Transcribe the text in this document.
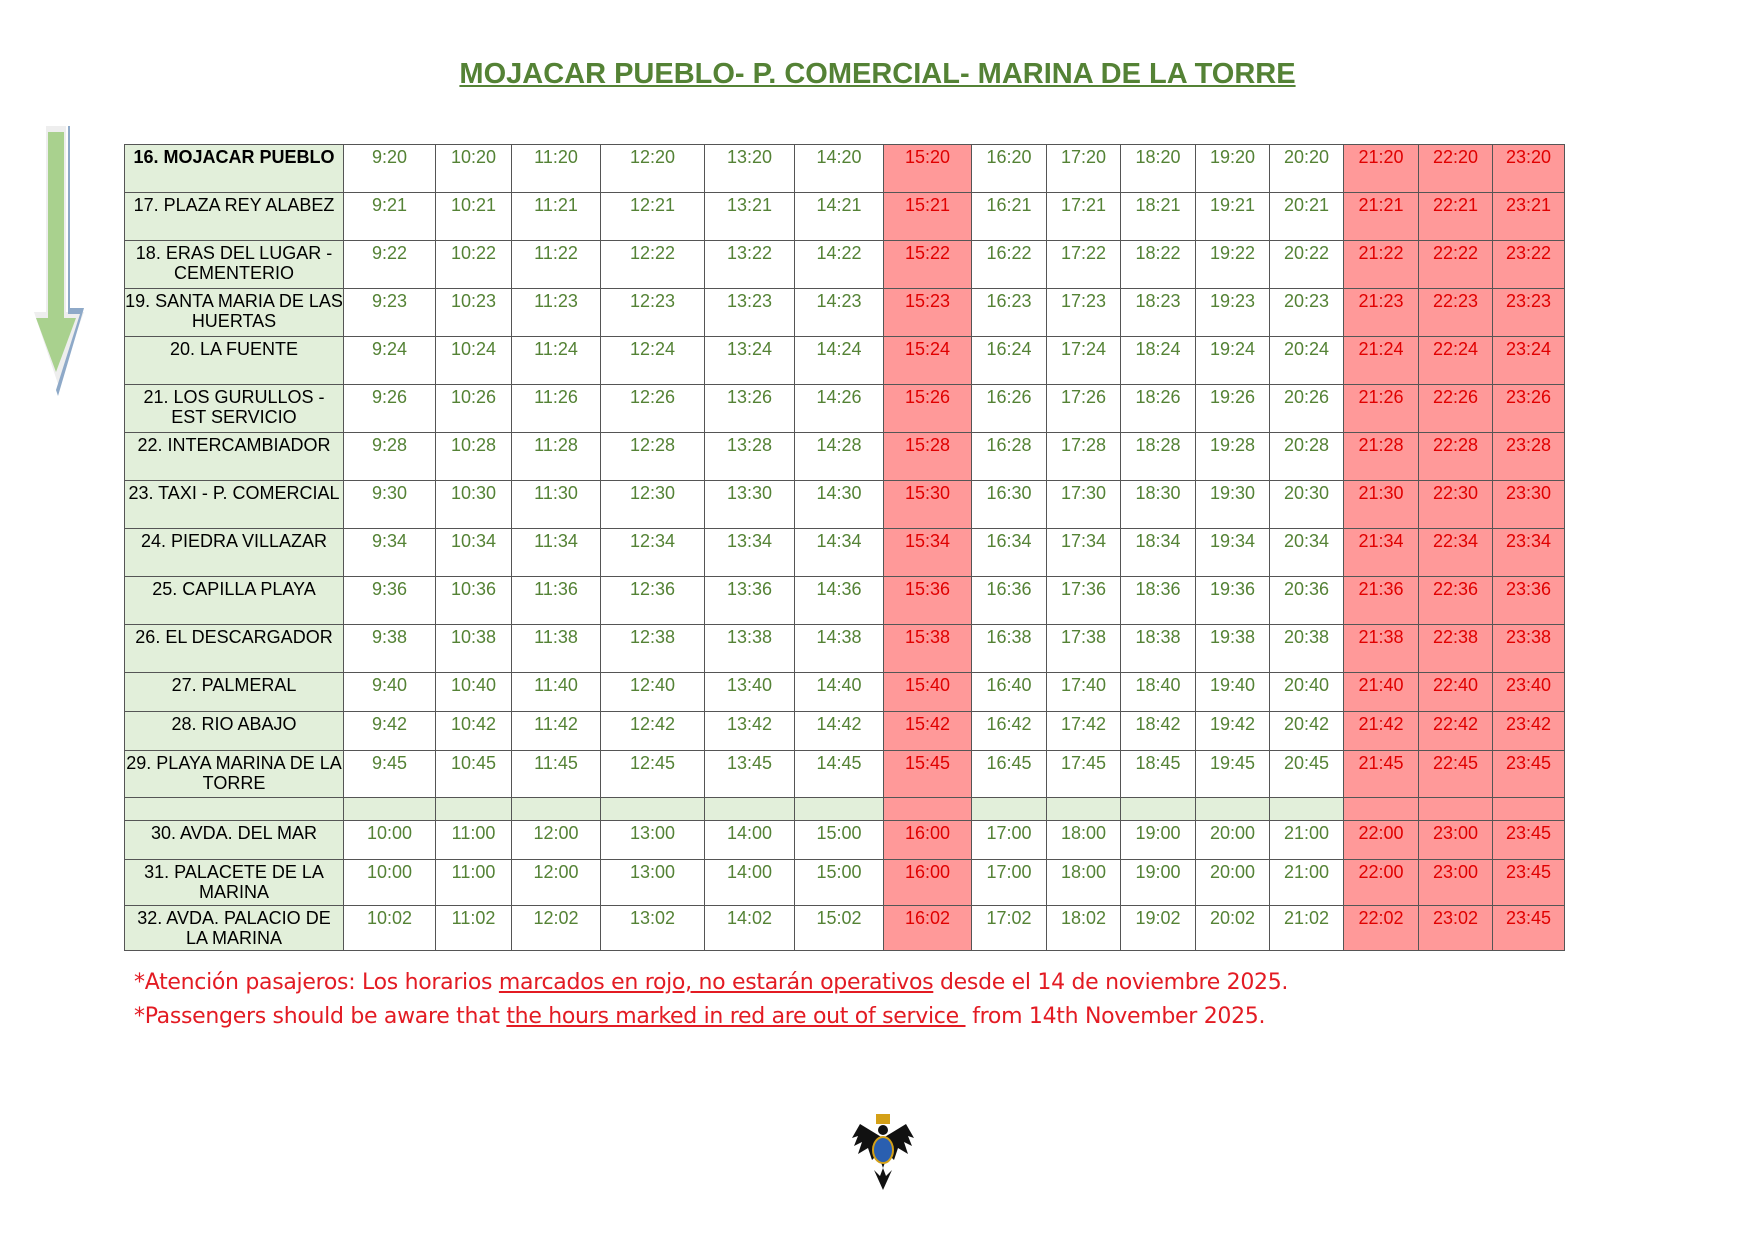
MOJACAR PUEBLO- P. COMERCIAL- MARINA DE LA TORRE
16. MOJACAR PUEBLO	9:20	10:20	11:20	12:20	13:20	14:20	15:20	16:20	17:20	18:20	19:20	20:20	21:20	22:20	23:20
17. PLAZA REY ALABEZ	9:21	10:21	11:21	12:21	13:21	14:21	15:21	16:21	17:21	18:21	19:21	20:21	21:21	22:21	23:21
18. ERAS DEL LUGAR - CEMENTERIO	9:22	10:22	11:22	12:22	13:22	14:22	15:22	16:22	17:22	18:22	19:22	20:22	21:22	22:22	23:22
19. SANTA MARIA DE LAS HUERTAS	9:23	10:23	11:23	12:23	13:23	14:23	15:23	16:23	17:23	18:23	19:23	20:23	21:23	22:23	23:23
20. LA FUENTE	9:24	10:24	11:24	12:24	13:24	14:24	15:24	16:24	17:24	18:24	19:24	20:24	21:24	22:24	23:24
21. LOS GURULLOS - EST SERVICIO	9:26	10:26	11:26	12:26	13:26	14:26	15:26	16:26	17:26	18:26	19:26	20:26	21:26	22:26	23:26
22. INTERCAMBIADOR	9:28	10:28	11:28	12:28	13:28	14:28	15:28	16:28	17:28	18:28	19:28	20:28	21:28	22:28	23:28
23. TAXI - P. COMERCIAL	9:30	10:30	11:30	12:30	13:30	14:30	15:30	16:30	17:30	18:30	19:30	20:30	21:30	22:30	23:30
24. PIEDRA VILLAZAR	9:34	10:34	11:34	12:34	13:34	14:34	15:34	16:34	17:34	18:34	19:34	20:34	21:34	22:34	23:34
25. CAPILLA PLAYA	9:36	10:36	11:36	12:36	13:36	14:36	15:36	16:36	17:36	18:36	19:36	20:36	21:36	22:36	23:36
26. EL DESCARGADOR	9:38	10:38	11:38	12:38	13:38	14:38	15:38	16:38	17:38	18:38	19:38	20:38	21:38	22:38	23:38
27. PALMERAL	9:40	10:40	11:40	12:40	13:40	14:40	15:40	16:40	17:40	18:40	19:40	20:40	21:40	22:40	23:40
28. RIO ABAJO	9:42	10:42	11:42	12:42	13:42	14:42	15:42	16:42	17:42	18:42	19:42	20:42	21:42	22:42	23:42
29. PLAYA MARINA DE LA TORRE	9:45	10:45	11:45	12:45	13:45	14:45	15:45	16:45	17:45	18:45	19:45	20:45	21:45	22:45	23:45

30. AVDA. DEL MAR	10:00	11:00	12:00	13:00	14:00	15:00	16:00	17:00	18:00	19:00	20:00	21:00	22:00	23:00	23:45
31. PALACETE DE LA MARINA	10:00	11:00	12:00	13:00	14:00	15:00	16:00	17:00	18:00	19:00	20:00	21:00	22:00	23:00	23:45
32. AVDA. PALACIO DE LA MARINA	10:02	11:02	12:02	13:02	14:02	15:02	16:02	17:02	18:02	19:02	20:02	21:02	22:02	23:02	23:45
*Atención pasajeros: Los horarios marcados en rojo, no estarán operativos desde el 14 de noviembre 2025.
*Passengers should be aware that the hours marked in red are out of service  from 14th November 2025.
